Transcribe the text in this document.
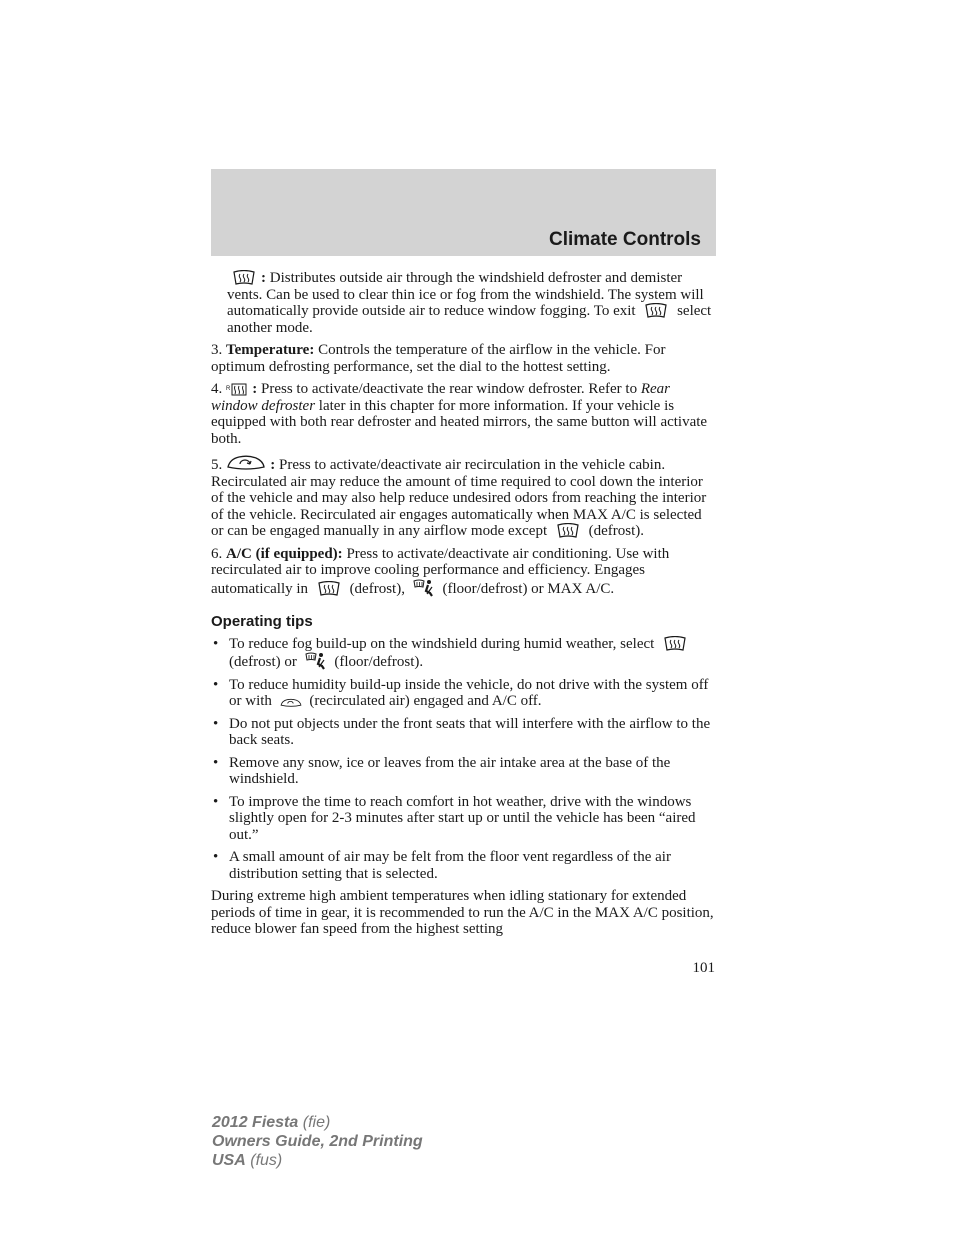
Climate Controls

: Distributes outside air through the windshield defroster and demister vents. Can be used to clear thin ice or fog from the windshield. The system will automatically provide outside air to reduce window fogging. To exit	select another mode.

3. Temperature: Controls the temperature of the airflow in the vehicle. For optimum defrosting performance, set the dial to the hottest setting.

4. R : Press to activate/deactivate the rear window defroster. Refer to Rear window defroster later in this chapter for more information. If your vehicle is equipped with both rear defroster and heated mirrors, the same button will activate both.

5.	: Press to activate/deactivate air recirculation in the vehicle cabin. Recirculated air may reduce the amount of time required to cool down the interior of the vehicle and may also help reduce undesired odors from reaching the interior of the vehicle. Recirculated air engages automatically when MAX A/C is selected or can be engaged manually in any airflow mode except	(defrost).

6. A/C (if equipped): Press to activate/deactivate air conditioning. Use with recirculated air to improve cooling performance and efficiency. Engages automatically in	(defrost),	(floor/defrost) or MAX A/C.

Operating tips
• To reduce fog build-up on the windshield during humid weather, select  (defrost) or	(floor/defrost).
• To reduce humidity build-up inside the vehicle, do not drive with the system off or with	(recirculated air) engaged and A/C off.
• Do not put objects under the front seats that will interfere with the airflow to the back seats.
• Remove any snow, ice or leaves from the air intake area at the base of the windshield.
• To improve the time to reach comfort in hot weather, drive with the windows slightly open for 2-3 minutes after start up or until the vehicle has been “aired out.”
• A small amount of air may be felt from the floor vent regardless of the air distribution setting that is selected.

During extreme high ambient temperatures when idling stationary for extended periods of time in gear, it is recommended to run the A/C in the MAX A/C position, reduce blower fan speed from the highest setting

101
2012 Fiesta (fie)
Owners Guide, 2nd Printing
USA (fus)
